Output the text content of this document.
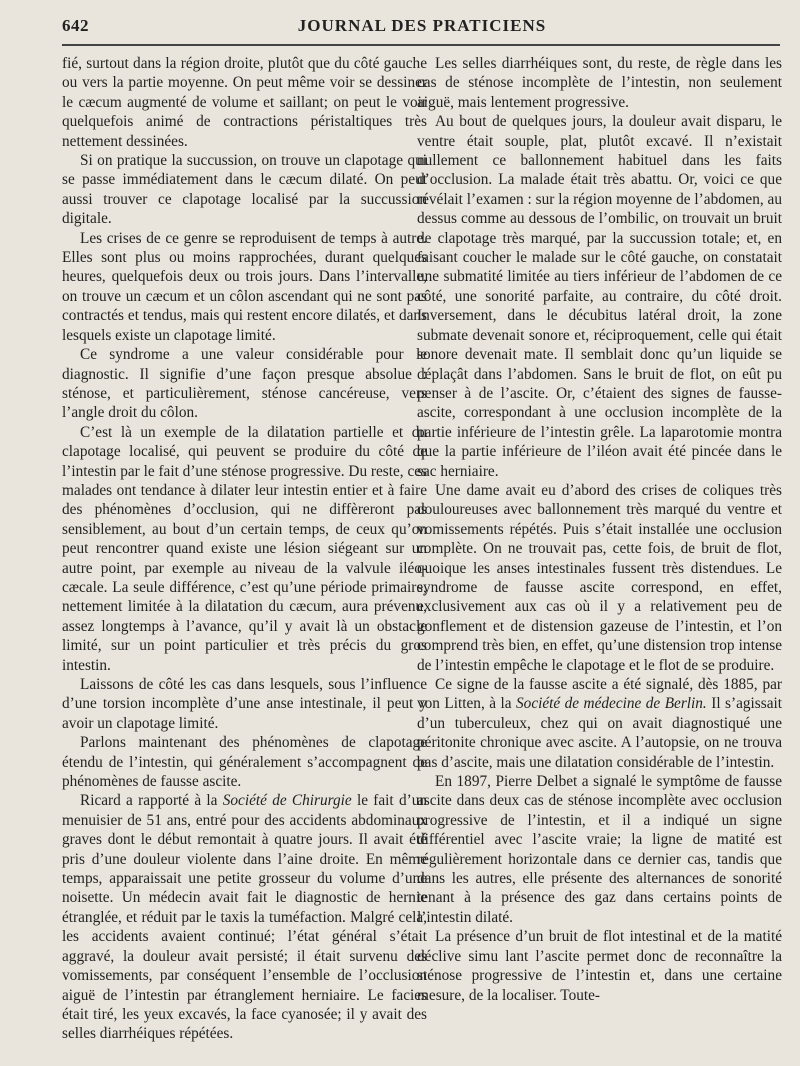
642	JOURNAL DES PRATICIENS

fié, surtout dans la région droite, plutôt que du côté gauche ou vers la partie moyenne. On peut même voir se dessiner le cæcum augmenté de volume et saillant; on peut le voir quelquefois animé de contractions péristaltiques très nettement dessinées.

Si on pratique la succussion, on trouve un clapotage qui se passe immédiatement dans le cæcum dilaté. On peut aussi trouver ce clapotage localisé par la succussion digitale.

Les crises de ce genre se reproduisent de temps à autre. Elles sont plus ou moins rapprochées, durant quelques heures, quelquefois deux ou trois jours. Dans l’intervalle, on trouve un cæcum et un côlon ascendant qui ne sont pas contractés et tendus, mais qui restent encore dilatés, et dans lesquels existe un clapotage limité.

Ce syndrome a une valeur considérable pour le diagnostic. Il signifie d’une façon presque absolue : sténose, et particulièrement, sténose cancéreuse, vers l’angle droit du côlon.

C’est là un exemple de la dilatation partielle et du clapotage localisé, qui peuvent se produire du côté de l’intestin par le fait d’une sténose progressive. Du reste, ces malades ont tendance à dilater leur intestin entier et à faire des phénomènes d’occlusion, qui ne diffèreront pas sensiblement, au bout d’un certain temps, de ceux qu’on peut rencontrer quand existe une lésion siégeant sur un autre point, par exemple au niveau de la valvule iléo-cæcale. La seule différence, c’est qu’une période primaire, nettement limitée à la dilatation du cæcum, aura prévenu, assez longtemps à l’avance, qu’il y avait là un obstacle limité, sur un point particulier et très précis du gros intestin.

Laissons de côté les cas dans lesquels, sous l’influence d’une torsion incomplète d’une anse intestinale, il peut y avoir un clapotage limité.

Parlons maintenant des phénomènes de clapotage étendu de l’intestin, qui généralement s’accompagnent de phénomènes de fausse ascite.

Ricard a rapporté à la Société de Chirurgie le fait d’un menuisier de 51 ans, entré pour des accidents abdominaux graves dont le début remontait à quatre jours. Il avait été pris d’une douleur violente dans l’aine droite. En même temps, apparaissait une petite grosseur du volume d’une noisette. Un médecin avait fait le diagnostic de hernie étranglée, et réduit par le taxis la tuméfaction. Malgré cela, les accidents avaient continué; l’état général s’était aggravé, la douleur avait persisté; il était survenu des vomissements, par conséquent l’ensemble de l’occlusion aiguë de l’intestin par étranglement herniaire. Le facies était tiré, les yeux excavés, la face cyanosée; il y avait des selles diarrhéiques répétées.

Les selles diarrhéiques sont, du reste, de règle dans les cas de sténose incomplète de l’intestin, non seulement aiguë, mais lentement progressive.

Au bout de quelques jours, la douleur avait disparu, le ventre était souple, plat, plutôt excavé. Il n’existait nullement ce ballonnement habituel dans les faits d’occlusion. La malade était très abattu. Or, voici ce que révélait l’examen : sur la région moyenne de l’abdomen, au dessus comme au dessous de l’ombilic, on trouvait un bruit de clapotage très marqué, par la succussion totale; et, en faisant coucher le malade sur le côté gauche, on constatait une submatité limitée au tiers inférieur de l’abdomen de ce côté, une sonorité parfaite, au contraire, du côté droit. Inversement, dans le décubitus latéral droit, la zone submate devenait sonore et, réciproquement, celle qui était sonore devenait mate. Il semblait donc qu’un liquide se déplaçât dans l’abdomen. Sans le bruit de flot, on eût pu penser à de l’ascite. Or, c’étaient des signes de fausse-ascite, correspondant à une occlusion incomplète de la partie inférieure de l’intestin grêle. La laparotomie montra que la partie inférieure de l’iléon avait été pincée dans le sac herniaire.

Une dame avait eu d’abord des crises de coliques très douloureuses avec ballonnement très marqué du ventre et vomissements répétés. Puis s’était installée une occlusion complète. On ne trouvait pas, cette fois, de bruit de flot, quoique les anses intestinales fussent très distendues. Le syndrome de fausse ascite correspond, en effet, exclusivement aux cas où il y a relativement peu de gonflement et de distension gazeuse de l’intestin, et l’on comprend très bien, en effet, qu’une distension trop intense de l’intestin empêche le clapotage et le flot de se produire.

Ce signe de la fausse ascite a été signalé, dès 1885, par von Litten, à la Société de médecine de Berlin. Il s’agissait d’un tuberculeux, chez qui on avait diagnostiqué une péritonite chronique avec ascite. A l’autopsie, on ne trouva pas d’ascite, mais une dilatation considérable de l’intestin.

En 1897, Pierre Delbet a signalé le symptôme de fausse ascite dans deux cas de sténose incomplète avec occlusion progressive de l’intestin, et il a indiqué un signe différentiel avec l’ascite vraie; la ligne de matité est régulièrement horizontale dans ce dernier cas, tandis que dans les autres, elle présente des alternances de sonorité tenant à la présence des gaz dans certains points de l’intestin dilaté.

La présence d’un bruit de flot intestinal et de la matité déclive simu lant l’ascite permet donc de reconnaître la sténose progressive de l’intestin et, dans une certaine mesure, de la localiser. Toute-
